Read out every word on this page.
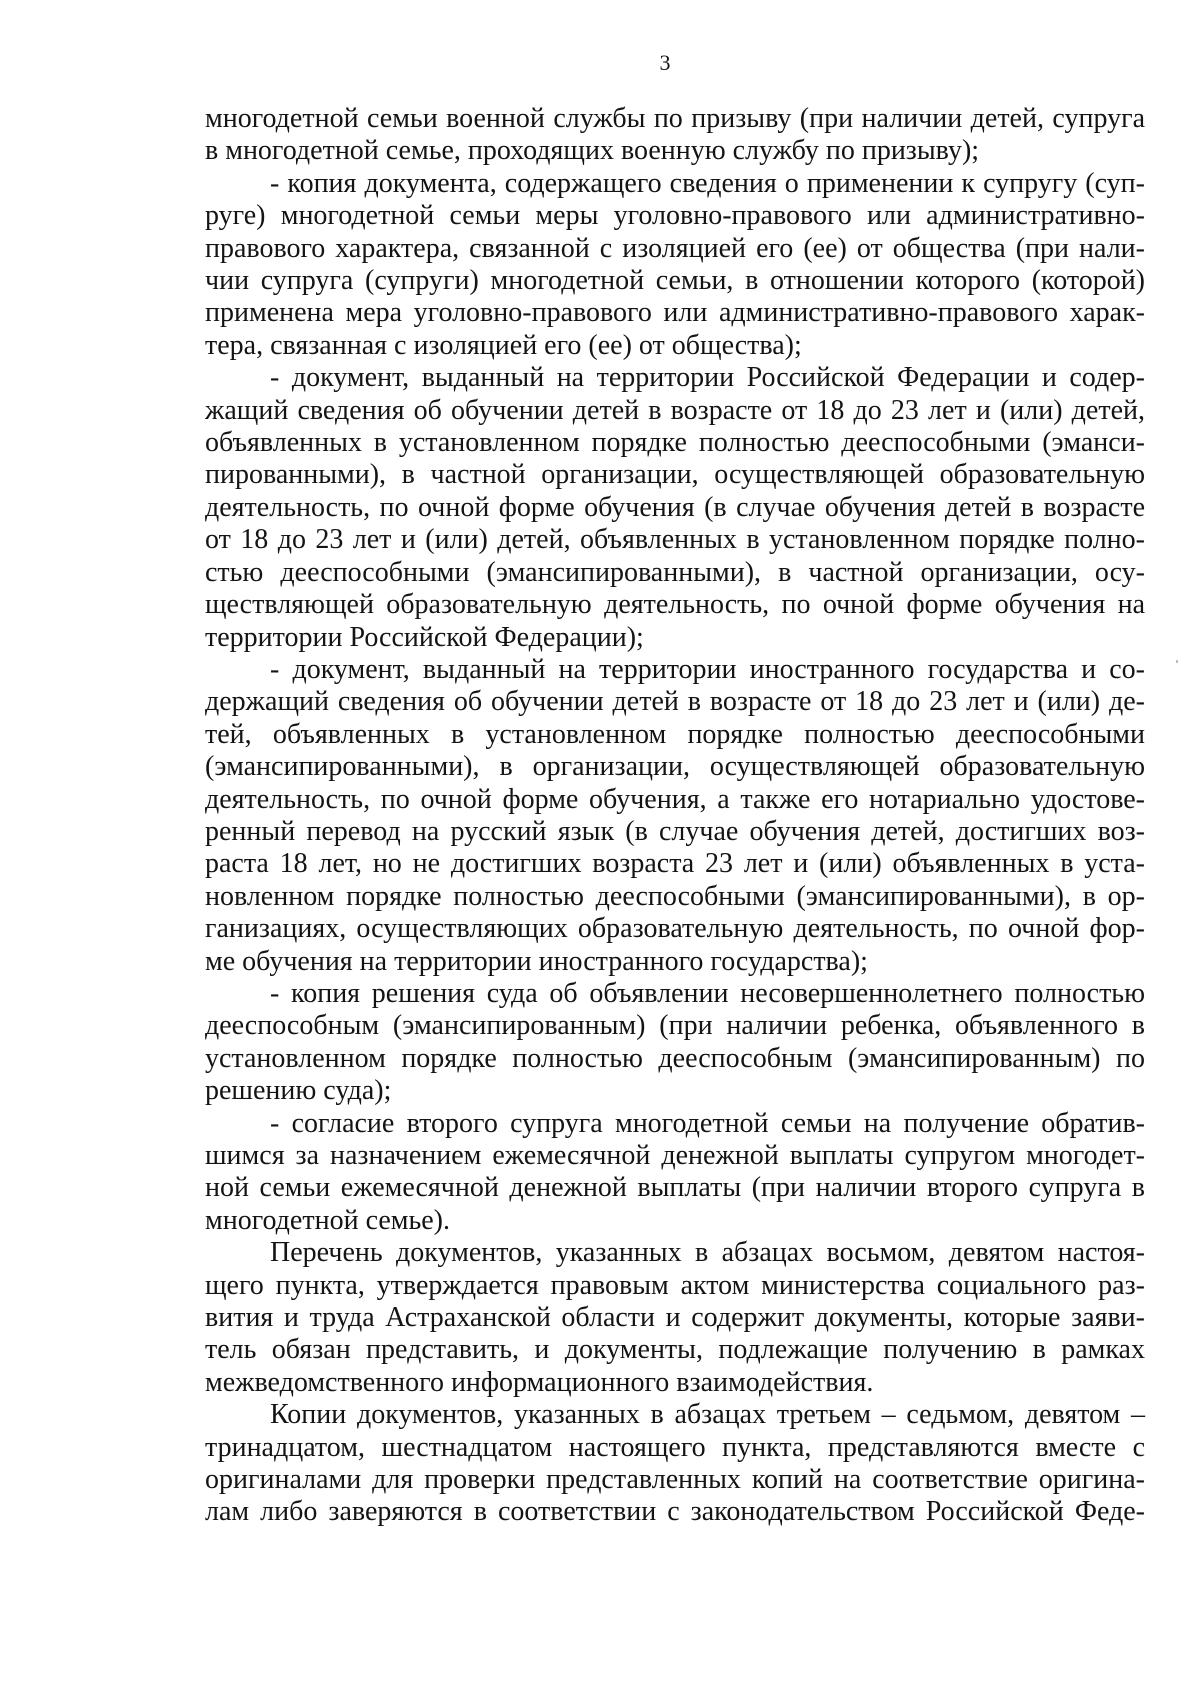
3
многодетной семьи военной службы по призыву (при наличии детей, супруга
в многодетной семье, проходящих военную службу по призыву);
- копия документа, содержащего сведения о применении к супругу (суп-
руге) многодетной семьи меры уголовно-правового или административно-
правового характера, связанной с изоляцией его (ее) от общества (при нали-
чии супруга (супруги) многодетной семьи, в отношении которого (которой)
применена мера уголовно-правового или административно-правового харак-
тера, связанная с изоляцией его (ее) от общества);
- документ, выданный на территории Российской Федерации и содер-
жащий сведения об обучении детей в возрасте от 18 до 23 лет и (или) детей,
объявленных в установленном порядке полностью дееспособными (эманси-
пированными), в частной организации, осуществляющей образовательную
деятельность, по очной форме обучения (в случае обучения детей в возрасте
от 18 до 23 лет и (или) детей, объявленных в установленном порядке полно-
стью дееспособными (эмансипированными), в частной организации, осу-
ществляющей образовательную деятельность, по очной форме обучения на
территории Российской Федерации);
- документ, выданный на территории иностранного государства и со-
держащий сведения об обучении детей в возрасте от 18 до 23 лет и (или) де-
тей, объявленных в установленном порядке полностью дееспособными
(эмансипированными), в организации, осуществляющей образовательную
деятельность, по очной форме обучения, а также его нотариально удостове-
ренный перевод на русский язык (в случае обучения детей, достигших воз-
раста 18 лет, но не достигших возраста 23 лет и (или) объявленных в уста-
новленном порядке полностью дееспособными (эмансипированными), в ор-
ганизациях, осуществляющих образовательную деятельность, по очной фор-
ме обучения на территории иностранного государства);
- копия решения суда об объявлении несовершеннолетнего полностью
дееспособным (эмансипированным) (при наличии ребенка, объявленного в
установленном порядке полностью дееспособным (эмансипированным) по
решению суда);
- согласие второго супруга многодетной семьи на получение обратив-
шимся за назначением ежемесячной денежной выплаты супругом многодет-
ной семьи ежемесячной денежной выплаты (при наличии второго супруга в
многодетной семье).
Перечень документов, указанных в абзацах восьмом, девятом настоя-
щего пункта, утверждается правовым актом министерства социального раз-
вития и труда Астраханской области и содержит документы, которые заяви-
тель обязан представить, и документы, подлежащие получению в рамках
межведомственного информационного взаимодействия.
Копии документов, указанных в абзацах третьем – седьмом, девятом –
тринадцатом, шестнадцатом настоящего пункта, представляются вместе с
оригиналами для проверки представленных копий на соответствие оригина-
лам либо заверяются в соответствии с законодательством Российской Феде-
